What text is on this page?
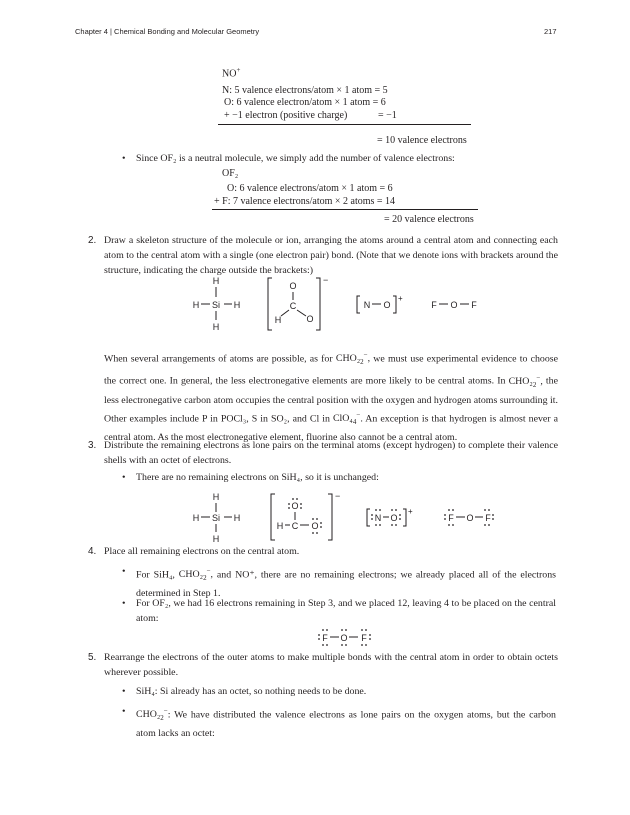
Chapter 4 | Chemical Bonding and Molecular Geometry	217
NO+
N: 5 valence electrons/atom × 1 atom = 5
O: 6 valence electron/atom × 1 atom = 6
+ −1 electron (positive charge)	= −1
= 10 valence electrons
• Since OF₂ is a neutral molecule, we simply add the number of valence electrons:
OF₂
O: 6 valence electrons/atom × 1 atom = 6
+ F: 7 valence electrons/atom × 2 atoms = 14
= 20 valence electrons
2. Draw a skeleton structure of the molecule or ion, arranging the atoms around a central atom and connecting each atom to the central atom with a single (one electron pair) bond. (Note that we denote ions with brackets around the structure, indicating the charge outside the brackets:)
H
H Si H
H
−
O
C
H	O
N O
+
F O F
When several arrangements of atoms are possible, as for $CHO_2_2^-$, we must use experimental evidence to choose the correct one. In general, the less electronegative elements are more likely to be central atoms. In $CHO_2_2^-$, the less electronegative carbon atom occupies the central position with the oxygen and hydrogen atoms surrounding it. Other examples include P in POCl₃, S in SO₂, and Cl in $ClO_4_4^-$. An exception is that hydrogen is almost never a central atom. As the most electronegative element, fluorine also cannot be a central atom.
3. Distribute the remaining electrons as lone pairs on the terminal atoms (except hydrogen) to complete their valence shells with an octet of electrons.
• There are no remaining electrons on SiH₄, so it is unchanged:
H
H Si H
H
−
O
H C O
N O
+
F O F
4. Place all remaining electrons on the central atom.
• For SiH₄, $CHO_2_2^-$, and NO⁺, there are no remaining electrons; we already placed all of the electrons determined in Step 1.
• For OF₂, we had 16 electrons remaining in Step 3, and we placed 12, leaving 4 to be placed on the central atom:
F O F
5. Rearrange the electrons of the outer atoms to make multiple bonds with the central atom in order to obtain octets wherever possible.
• SiH₄: Si already has an octet, so nothing needs to be done.
• $CHO_2_2^-$: We have distributed the valence electrons as lone pairs on the oxygen atoms, but the carbon atom lacks an octet:
